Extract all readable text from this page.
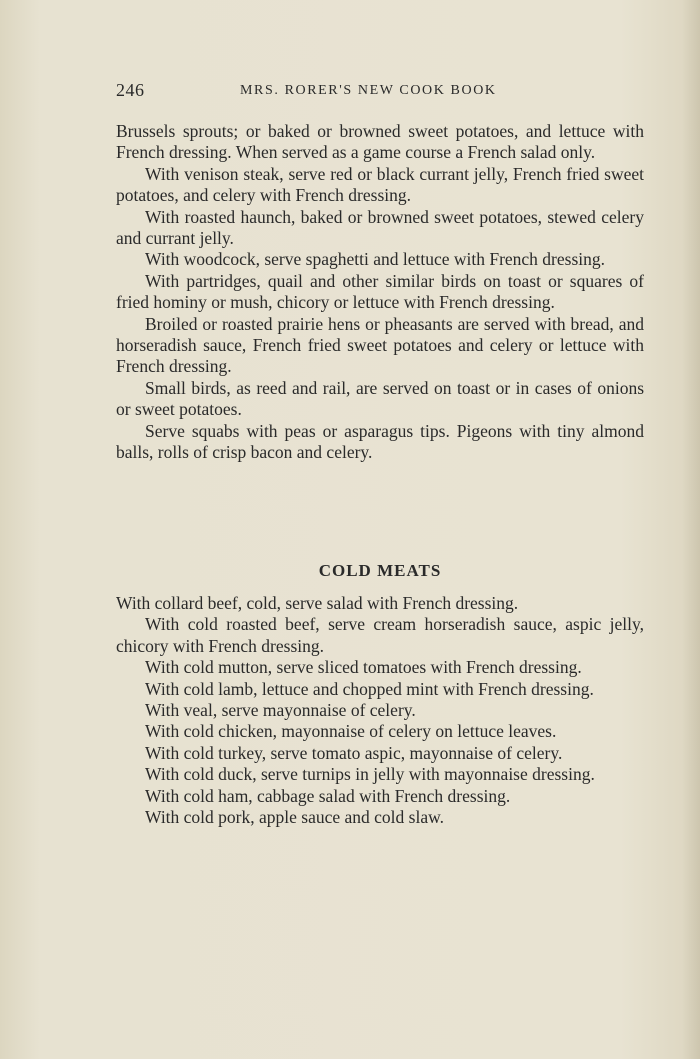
246	MRS. RORER'S NEW COOK BOOK

Brussels sprouts; or baked or browned sweet potatoes, and lettuce with French dressing. When served as a game course a French salad only.

With venison steak, serve red or black currant jelly, French fried sweet potatoes, and celery with French dressing.

With roasted haunch, baked or browned sweet potatoes, stewed celery and currant jelly.

With woodcock, serve spaghetti and lettuce with French dressing.

With partridges, quail and other similar birds on toast or squares of fried hominy or mush, chicory or lettuce with French dressing.

Broiled or roasted prairie hens or pheasants are served with bread, and horseradish sauce, French fried sweet potatoes and celery or lettuce with French dressing.

Small birds, as reed and rail, are served on toast or in cases of onions or sweet potatoes.

Serve squabs with peas or asparagus tips. Pigeons with tiny almond balls, rolls of crisp bacon and celery.

COLD MEATS

With collard beef, cold, serve salad with French dressing.

With cold roasted beef, serve cream horseradish sauce, aspic jelly, chicory with French dressing.

With cold mutton, serve sliced tomatoes with French dressing.

With cold lamb, lettuce and chopped mint with French dressing.

With veal, serve mayonnaise of celery.

With cold chicken, mayonnaise of celery on lettuce leaves.

With cold turkey, serve tomato aspic, mayonnaise of celery.

With cold duck, serve turnips in jelly with mayonnaise dressing.

With cold ham, cabbage salad with French dressing.

With cold pork, apple sauce and cold slaw.
